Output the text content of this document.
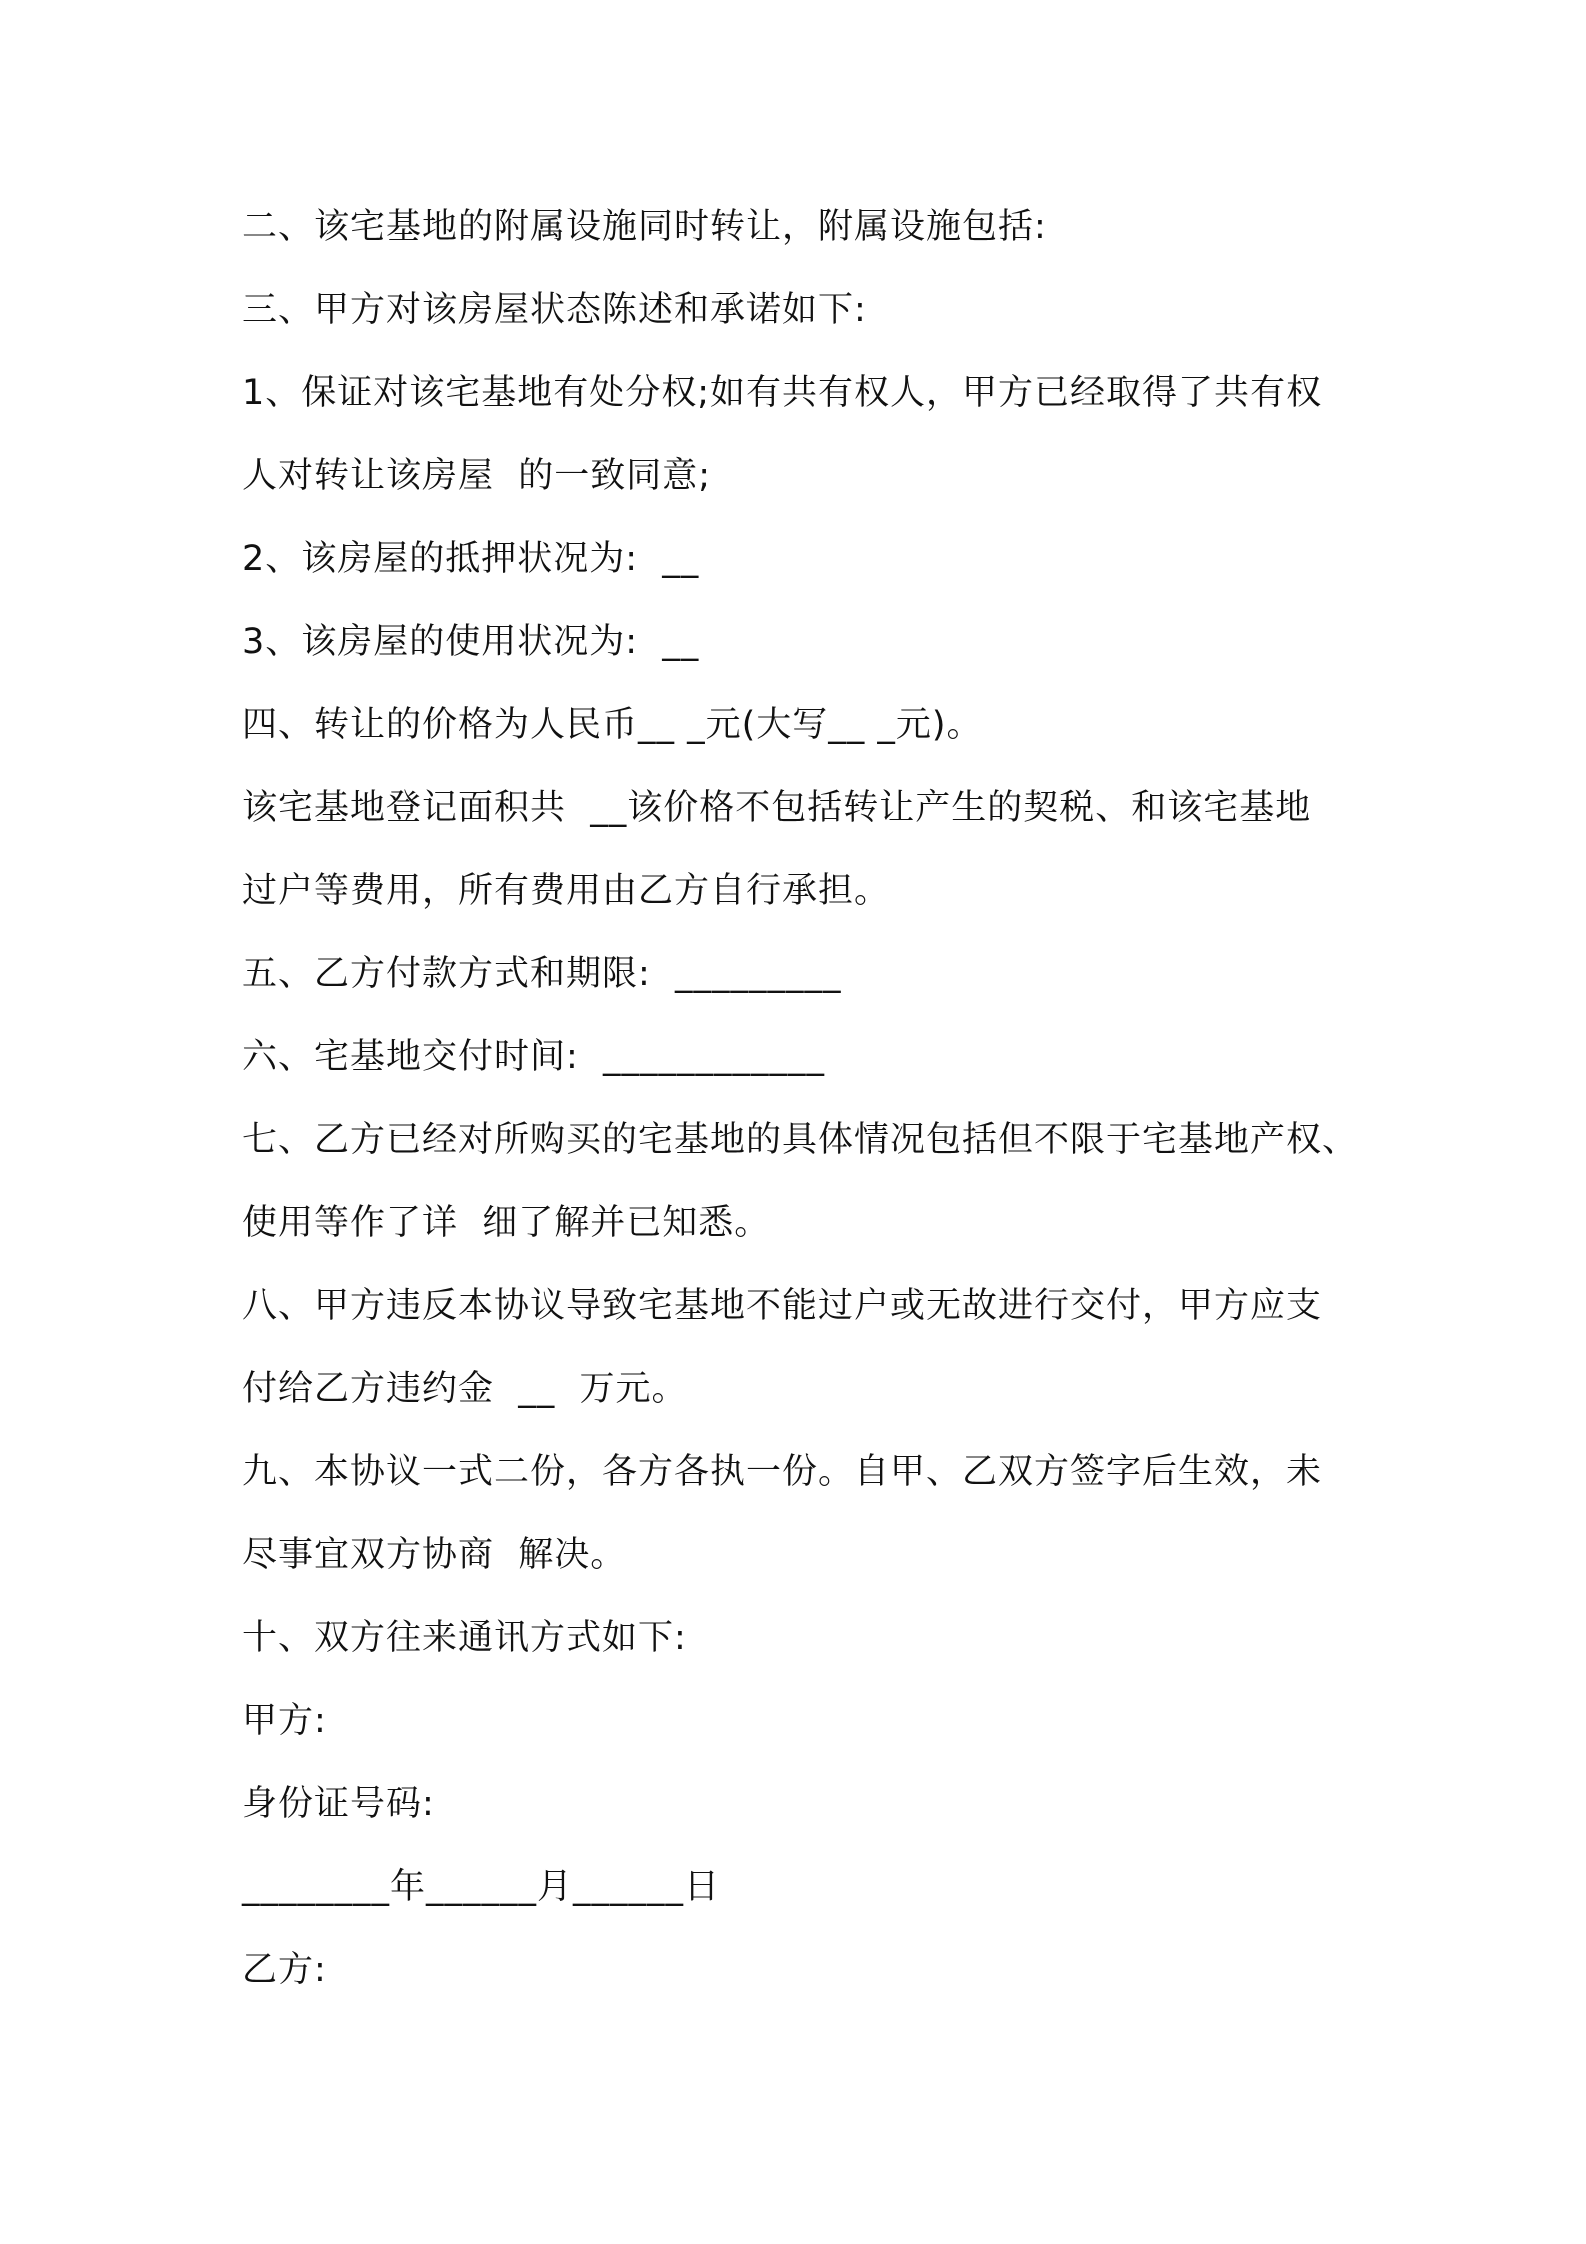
二、该宅基地的附属设施同时转让，附属设施包括:
三、甲方对该房屋状态陈述和承诺如下:
1、保证对该宅基地有处分权;如有共有权人，甲方已经取得了共有权
人对转让该房屋  的一致同意;
2、该房屋的抵押状况为:  __
3、该房屋的使用状况为:  __
四、转让的价格为人民币__ _元(大写__ _元)。
该宅基地登记面积共  __该价格不包括转让产生的契税、和该宅基地
过户等费用，所有费用由乙方自行承担。
五、乙方付款方式和期限:  _________
六、宅基地交付时间:  ____________
七、乙方已经对所购买的宅基地的具体情况包括但不限于宅基地产权、
使用等作了详  细了解并已知悉。
八、甲方违反本协议导致宅基地不能过户或无故进行交付，甲方应支
付给乙方违约金  __  万元。
九、本协议一式二份，各方各执一份。自甲、乙双方签字后生效，未
尽事宜双方协商  解决。
十、双方往来通讯方式如下:
甲方:
身份证号码:
________年______月______日
乙方:
